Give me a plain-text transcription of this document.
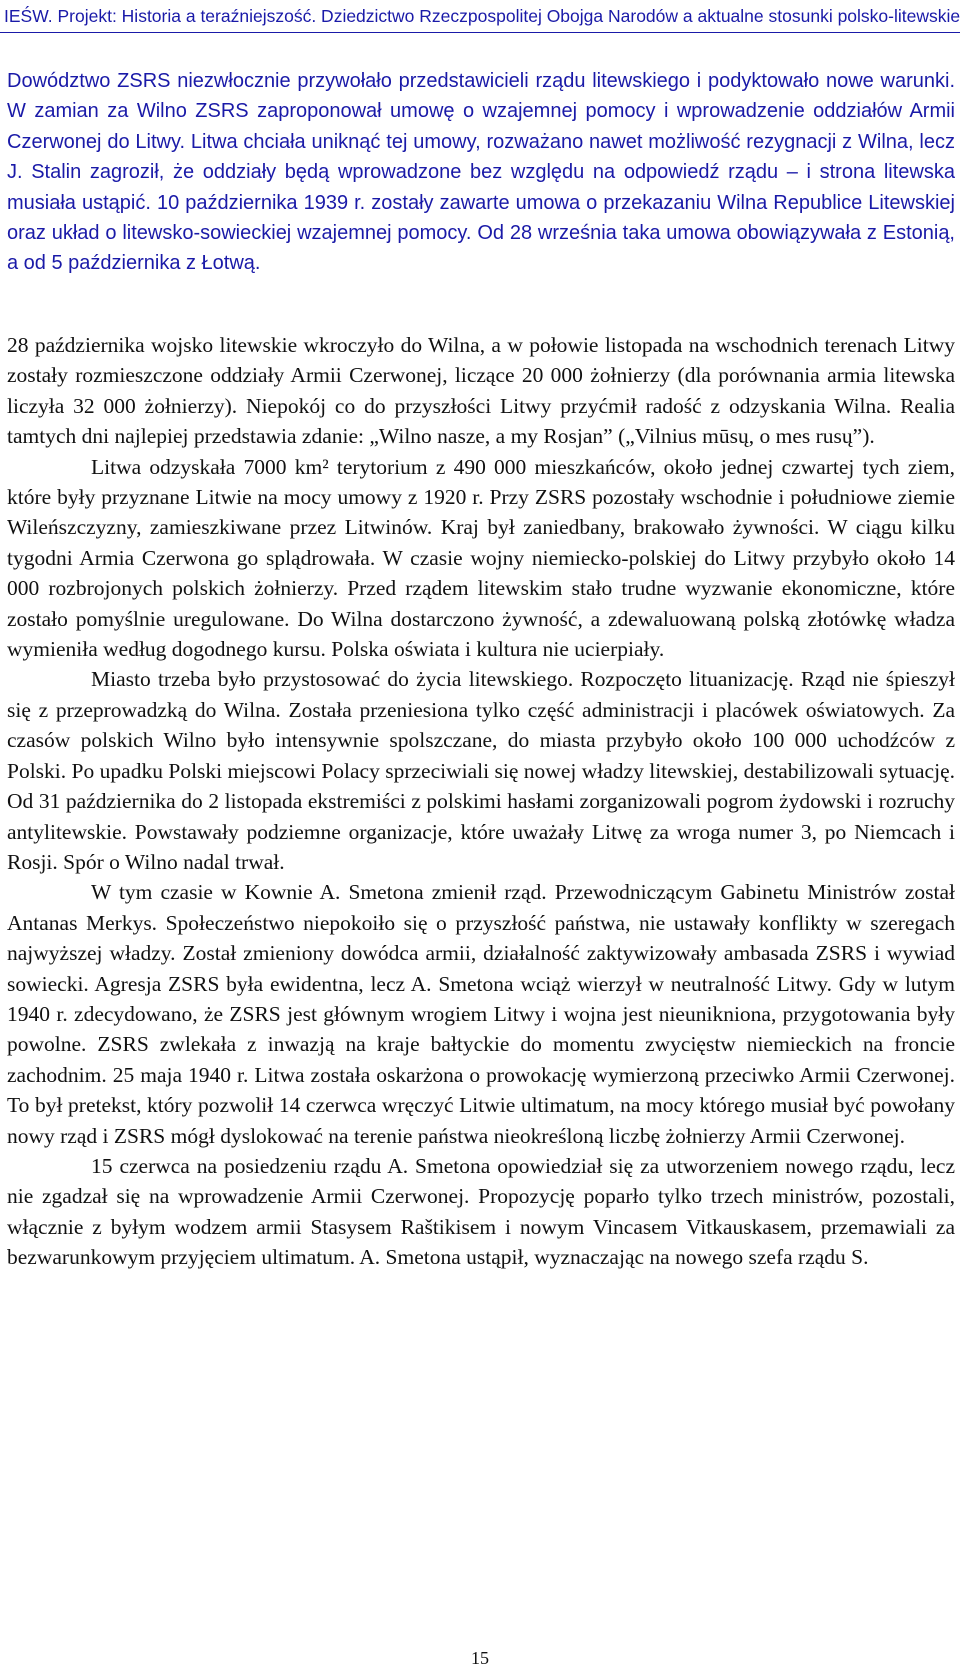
IEŚW. Projekt: Historia a teraźniejszość. Dziedzictwo Rzeczpospolitej Obojga Narodów a aktualne stosunki polsko-litewskie

Dowództwo ZSRS niezwłocznie przywołało przedstawicieli rządu litewskiego i podyktowało nowe warunki. W zamian za Wilno ZSRS zaproponował umowę o wzajemnej pomocy i wprowadzenie oddziałów Armii Czerwonej do Litwy. Litwa chciała uniknąć tej umowy, rozważano nawet możliwość rezygnacji z Wilna, lecz J. Stalin zagroził, że oddziały będą wprowadzone bez względu na odpowiedź rządu – i strona litewska musiała ustąpić. 10 października 1939 r. zostały zawarte umowa o przekazaniu Wilna Republice Litewskiej oraz układ o litewsko-sowieckiej wzajemnej pomocy. Od 28 września taka umowa obowiązywała z Estonią, a od 5 października z Łotwą.

28 października wojsko litewskie wkroczyło do Wilna, a w połowie listopada na wschodnich terenach Litwy zostały rozmieszczone oddziały Armii Czerwonej, liczące 20 000 żołnierzy (dla porównania armia litewska liczyła 32 000 żołnierzy). Niepokój co do przyszłości Litwy przyćmił radość z odzyskania Wilna. Realia tamtych dni najlepiej przedstawia zdanie: „Wilno nasze, a my Rosjan” („Vilnius mūsų, o mes rusų”).

Litwa odzyskała 7000 km² terytorium z 490 000 mieszkańców, około jednej czwartej tych ziem, które były przyznane Litwie na mocy umowy z 1920 r. Przy ZSRS pozostały wschodnie i południowe ziemie Wileńszczyzny, zamieszkiwane przez Litwinów. Kraj był zaniedbany, brakowało żywności. W ciągu kilku tygodni Armia Czerwona go splądrowała. W czasie wojny niemiecko-polskiej do Litwy przybyło około 14 000 rozbrojonych polskich żołnierzy. Przed rządem litewskim stało trudne wyzwanie ekonomiczne, które zostało pomyślnie uregulowane. Do Wilna dostarczono żywność, a zdewaluowaną polską złotówkę władza wymieniła według dogodnego kursu. Polska oświata i kultura nie ucierpiały.

Miasto trzeba było przystosować do życia litewskiego. Rozpoczęto lituanizację. Rząd nie śpieszył się z przeprowadzką do Wilna. Została przeniesiona tylko część administracji i placówek oświatowych. Za czasów polskich Wilno było intensywnie spolszczane, do miasta przybyło około 100 000 uchodźców z Polski. Po upadku Polski miejscowi Polacy sprzeciwiali się nowej władzy litewskiej, destabilizowali sytuację. Od 31 października do 2 listopada ekstremiści z polskimi hasłami zorganizowali pogrom żydowski i rozruchy antylitewskie. Powstawały podziemne organizacje, które uważały Litwę za wroga numer 3, po Niemcach i Rosji. Spór o Wilno nadal trwał.

W tym czasie w Kownie A. Smetona zmienił rząd. Przewodniczącym Gabinetu Ministrów został Antanas Merkys. Społeczeństwo niepokoiło się o przyszłość państwa, nie ustawały konflikty w szeregach najwyższej władzy. Został zmieniony dowódca armii, działalność zaktywizowały ambasada ZSRS i wywiad sowiecki. Agresja ZSRS była ewidentna, lecz A. Smetona wciąż wierzył w neutralność Litwy. Gdy w lutym 1940 r. zdecydowano, że ZSRS jest głównym wrogiem Litwy i wojna jest nieunikniona, przygotowania były powolne. ZSRS zwlekała z inwazją na kraje bałtyckie do momentu zwycięstw niemieckich na froncie zachodnim. 25 maja 1940 r. Litwa została oskarżona o prowokację wymierzoną przeciwko Armii Czerwonej. To był pretekst, który pozwolił 14 czerwca wręczyć Litwie ultimatum, na mocy którego musiał być powołany nowy rząd i ZSRS mógł dyslokować na terenie państwa nieokreśloną liczbę żołnierzy Armii Czerwonej.

15 czerwca na posiedzeniu rządu A. Smetona opowiedział się za utworzeniem nowego rządu, lecz nie zgadzał się na wprowadzenie Armii Czerwonej. Propozycję poparło tylko trzech ministrów, pozostali, włącznie z byłym wodzem armii Stasysem Raštikisem i nowym Vincasem Vitkauskasem, przemawiali za bezwarunkowym przyjęciem ultimatum. A. Smetona ustąpił, wyznaczając na nowego szefa rządu S.

15
